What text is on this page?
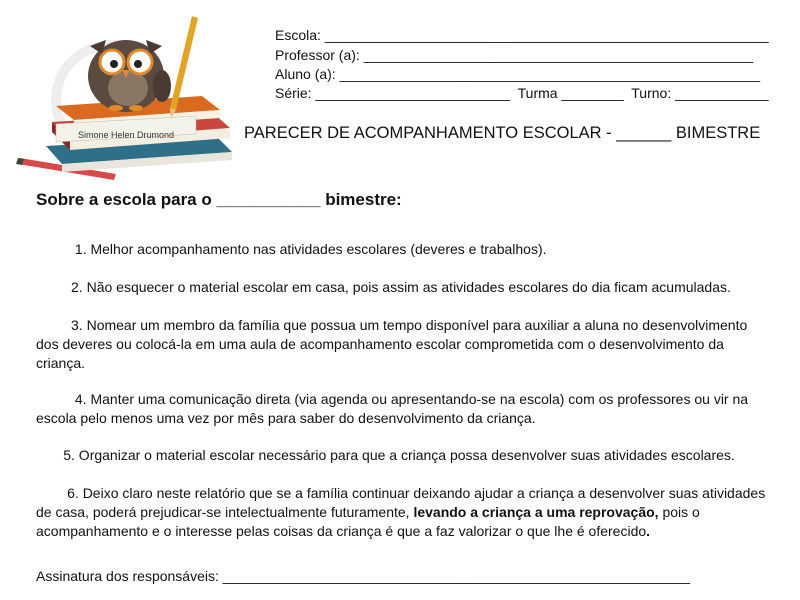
Simone Helen Drumond
Escola: _________________________________________________________
Professor (a): __________________________________________________
Aluno (a): ______________________________________________________
Série: _________________________  Turma ________  Turno: ____________
PARECER DE ACOMPANHAMENTO ESCOLAR - ______ BIMESTRE
Sobre a escola para o ___________ bimestre:
1. Melhor acompanhamento nas atividades escolares (deveres e trabalhos).
2. Não esquecer o material escolar em casa, pois assim as atividades escolares do dia ficam acumuladas.
3. Nomear um membro da família que possua um tempo disponível para auxiliar a aluna no desenvolvimento dos deveres ou colocá-la em uma aula de acompanhamento escolar comprometida com o desenvolvimento da criança.
4. Manter uma comunicação direta (via agenda ou apresentando-se na escola) com os professores ou vir na escola pelo menos uma vez por mês para saber do desenvolvimento da criança.
5. Organizar o material escolar necessário para que a criança possa desenvolver suas atividades escolares.
6. Deixo claro neste relatório que se a família continuar deixando ajudar a criança a desenvolver suas atividades de casa, poderá prejudicar-se intelectualmente futuramente, levando a criança a uma reprovação, pois o acompanhamento e o interesse pelas coisas da criança é que a faz valorizar o que lhe é oferecido.
Assinatura dos responsáveis: ____________________________________________________________
